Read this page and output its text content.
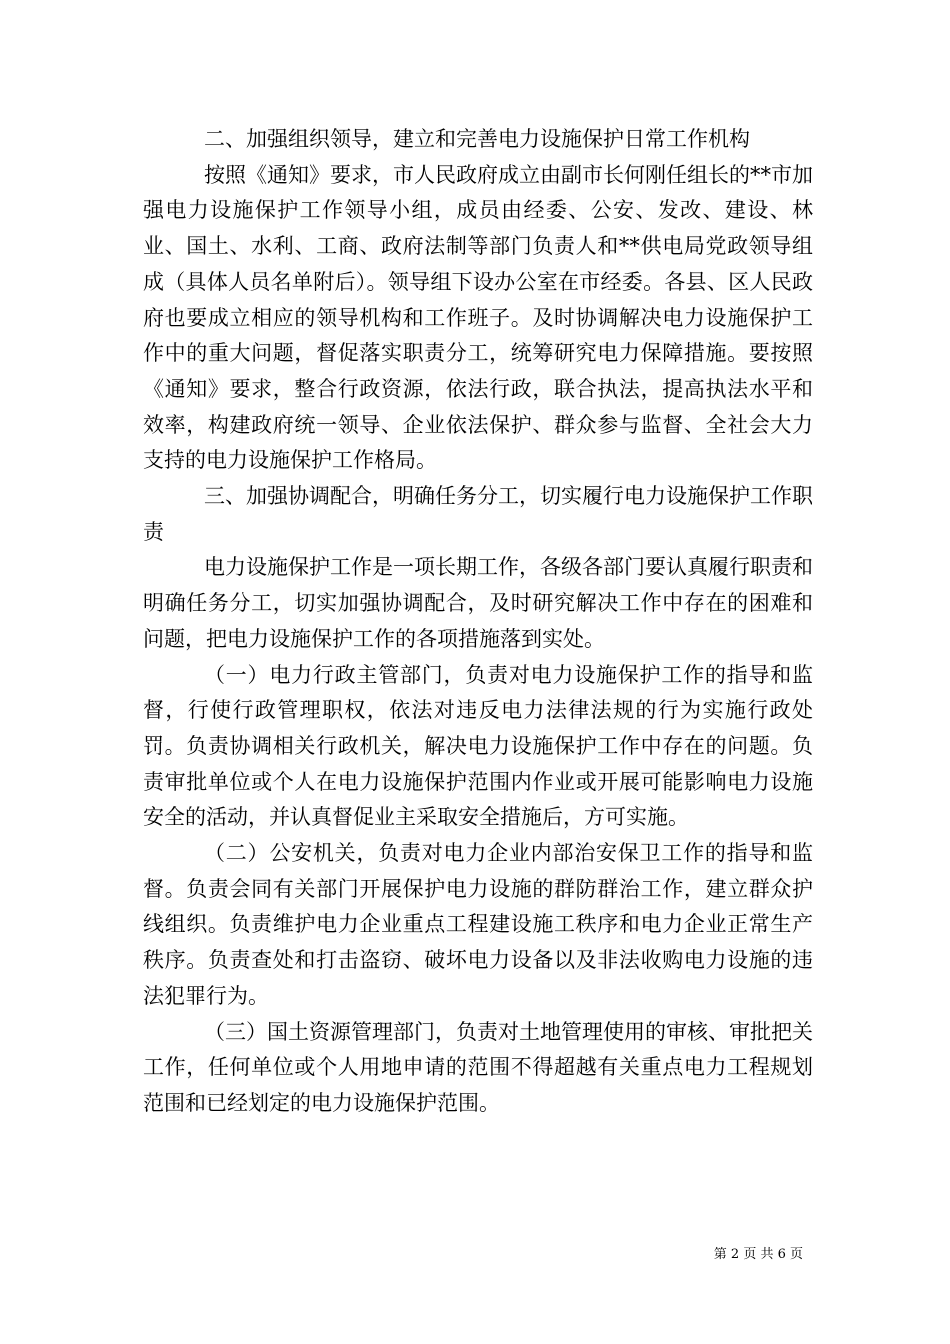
二、加强组织领导，建立和完善电力设施保护日常工作机构

按照《通知》要求，市人民政府成立由副市长何刚任组长的**市加强电力设施保护工作领导小组，成员由经委、公安、发改、建设、林业、国土、水利、工商、政府法制等部门负责人和**供电局党政领导组成（具体人员名单附后）。领导组下设办公室在市经委。各县、区人民政府也要成立相应的领导机构和工作班子。及时协调解决电力设施保护工作中的重大问题，督促落实职责分工，统筹研究电力保障措施。要按照《通知》要求，整合行政资源，依法行政，联合执法，提高执法水平和效率，构建政府统一领导、企业依法保护、群众参与监督、全社会大力支持的电力设施保护工作格局。

三、加强协调配合，明确任务分工，切实履行电力设施保护工作职责

电力设施保护工作是一项长期工作，各级各部门要认真履行职责和明确任务分工，切实加强协调配合，及时研究解决工作中存在的困难和问题，把电力设施保护工作的各项措施落到实处。

（一）电力行政主管部门，负责对电力设施保护工作的指导和监督，行使行政管理职权，依法对违反电力法律法规的行为实施行政处罚。负责协调相关行政机关，解决电力设施保护工作中存在的问题。负责审批单位或个人在电力设施保护范围内作业或开展可能影响电力设施安全的活动，并认真督促业主采取安全措施后，方可实施。

（二）公安机关，负责对电力企业内部治安保卫工作的指导和监督。负责会同有关部门开展保护电力设施的群防群治工作，建立群众护线组织。负责维护电力企业重点工程建设施工秩序和电力企业正常生产秩序。负责查处和打击盗窃、破坏电力设备以及非法收购电力设施的违法犯罪行为。

（三）国土资源管理部门，负责对土地管理使用的审核、审批把关工作，任何单位或个人用地申请的范围不得超越有关重点电力工程规划范围和已经划定的电力设施保护范围。

第 2 页 共 6 页
